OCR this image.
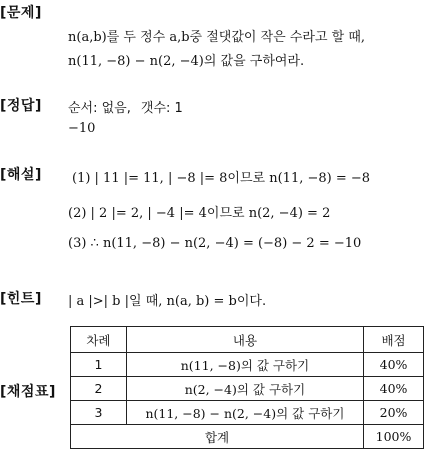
[문제]
n(a,b)를 두 정수 a,b중 절댓값이 작은 수라고 할 때,
n(11, −8) − n(2, −4)의 값을 구하여라.
[정답] 순서: 없음, 갯수: 1
−10
[해설] (1) | 11 |= 11, | −8 |= 8이므로 n(11, −8) = −8
(2) | 2 |= 2, | −4 |= 4이므로 n(2, −4) = 2
(3) ∴ n(11, −8) − n(2, −4) = (−8) − 2 = −10
[힌트] | a |>| b |일 때, n(a, b) = b이다.
[채점표]
차례	내용	배점
1	n(11, −8)의 값 구하기	40%
2	n(2, −4)의 값 구하기	40%
3	n(11, −8) − n(2, −4)의 값 구하기	20%
합계		100%
